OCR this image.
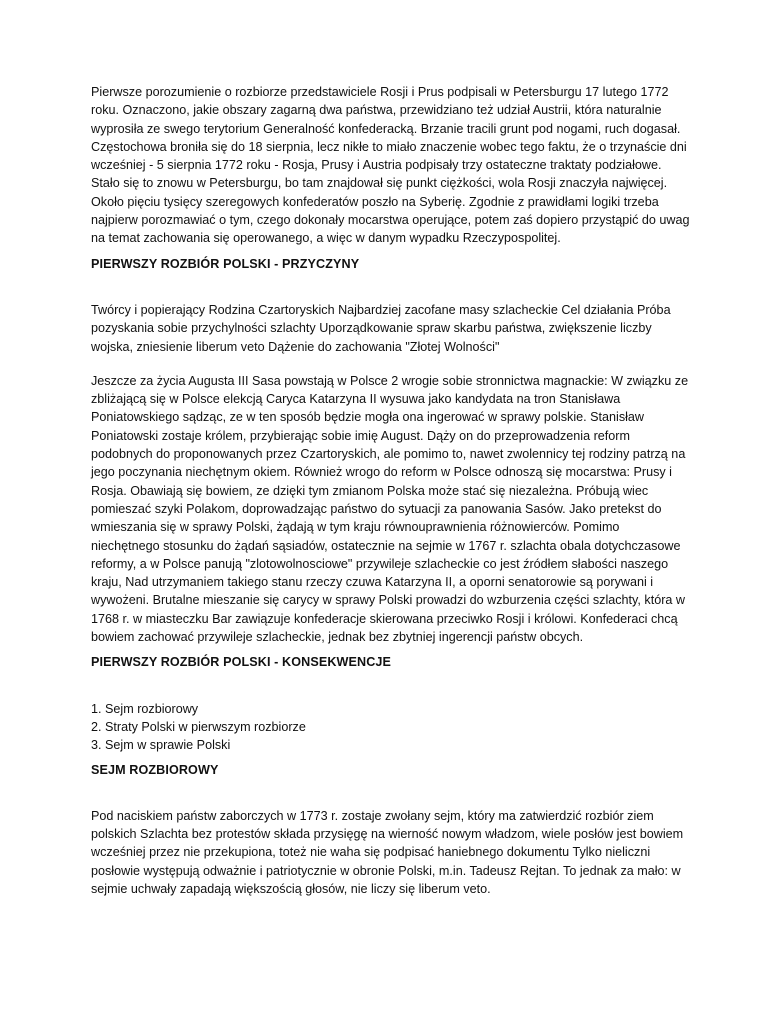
Pierwsze porozumienie o rozbiorze przedstawiciele Rosji i Prus podpisali w Petersburgu 17 lutego 1772 roku. Oznaczono, jakie obszary zagarną dwa państwa, przewidziano też udział Austrii, która naturalnie wyprosiła ze swego terytorium Generalność konfederacką. Brzanie tracili grunt pod nogami, ruch dogasał. Częstochowa broniła się do 18 sierpnia, lecz nikłe to miało znaczenie wobec tego faktu, że o trzynaście dni wcześniej - 5 sierpnia 1772 roku - Rosja, Prusy i Austria podpisały trzy ostateczne traktaty podziałowe. Stało się to znowu w Petersburgu, bo tam znajdował się punkt ciężkości, wola Rosji znaczyła najwięcej. Około pięciu tysięcy szeregowych konfederatów poszło na Syberię. Zgodnie z prawidłami logiki trzeba najpierw porozmawiać o tym, czego dokonały mocarstwa operujące, potem zaś dopiero przystąpić do uwag na temat zachowania się operowanego, a więc w danym wypadku Rzeczypospolitej.

PIERWSZY ROZBIÓR POLSKI - PRZYCZYNY

Twórcy i popierający Rodzina Czartoryskich Najbardziej zacofane masy szlacheckie Cel działania Próba pozyskania sobie przychylności szlachty Uporządkowanie spraw skarbu państwa, zwiększenie liczby wojska, zniesienie liberum veto Dążenie do zachowania "Złotej Wolności"

Jeszcze za życia Augusta III Sasa powstają w Polsce 2 wrogie sobie stronnictwa magnackie: W związku ze zbliżającą się w Polsce elekcją Caryca Katarzyna II wysuwa jako kandydata na tron Stanisława Poniatowskiego sądząc, ze w ten sposób będzie mogła ona ingerować w sprawy polskie. Stanisław Poniatowski zostaje królem, przybierając sobie imię August. Dąży on do przeprowadzenia reform podobnych do proponowanych przez Czartoryskich, ale pomimo to, nawet zwolennicy tej rodziny patrzą na jego poczynania niechętnym okiem. Również wrogo do reform w Polsce odnoszą się mocarstwa: Prusy i Rosja. Obawiają się bowiem, ze dzięki tym zmianom Polska może stać się niezależna. Próbują wiec pomieszać szyki Polakom, doprowadzając państwo do sytuacji za panowania Sasów. Jako pretekst do wmieszania się w sprawy Polski, żądają w tym kraju równouprawnienia różnowierców. Pomimo niechętnego stosunku do żądań sąsiadów, ostatecznie na sejmie w 1767 r. szlachta obala dotychczasowe reformy, a w Polsce panują "zlotowolnosciowe" przywileje szlacheckie co jest źródłem słabości naszego kraju, Nad utrzymaniem takiego stanu rzeczy czuwa Katarzyna II, a oporni senatorowie są porywani i wywożeni. Brutalne mieszanie się carycy w sprawy Polski prowadzi do wzburzenia części szlachty, która w 1768 r. w miasteczku Bar zawiązuje konfederacje skierowana przeciwko Rosji i królowi. Konfederaci chcą bowiem zachować przywileje szlacheckie, jednak bez zbytniej ingerencji państw obcych.

PIERWSZY ROZBIÓR POLSKI - KONSEKWENCJE
1. Sejm rozbiorowy
2. Straty Polski w pierwszym rozbiorze
3. Sejm w sprawie Polski
SEJM ROZBIOROWY

Pod naciskiem państw zaborczych w 1773 r. zostaje zwołany sejm, który ma zatwierdzić rozbiór ziem polskich Szlachta bez protestów składa przysięgę na wierność nowym władzom, wiele posłów jest bowiem wcześniej przez nie przekupiona, toteż nie waha się podpisać haniebnego dokumentu Tylko nieliczni posłowie występują odważnie i patriotycznie w obronie Polski, m.in. Tadeusz Rejtan. To jednak za mało: w sejmie uchwały zapadają większością głosów, nie liczy się liberum veto.
